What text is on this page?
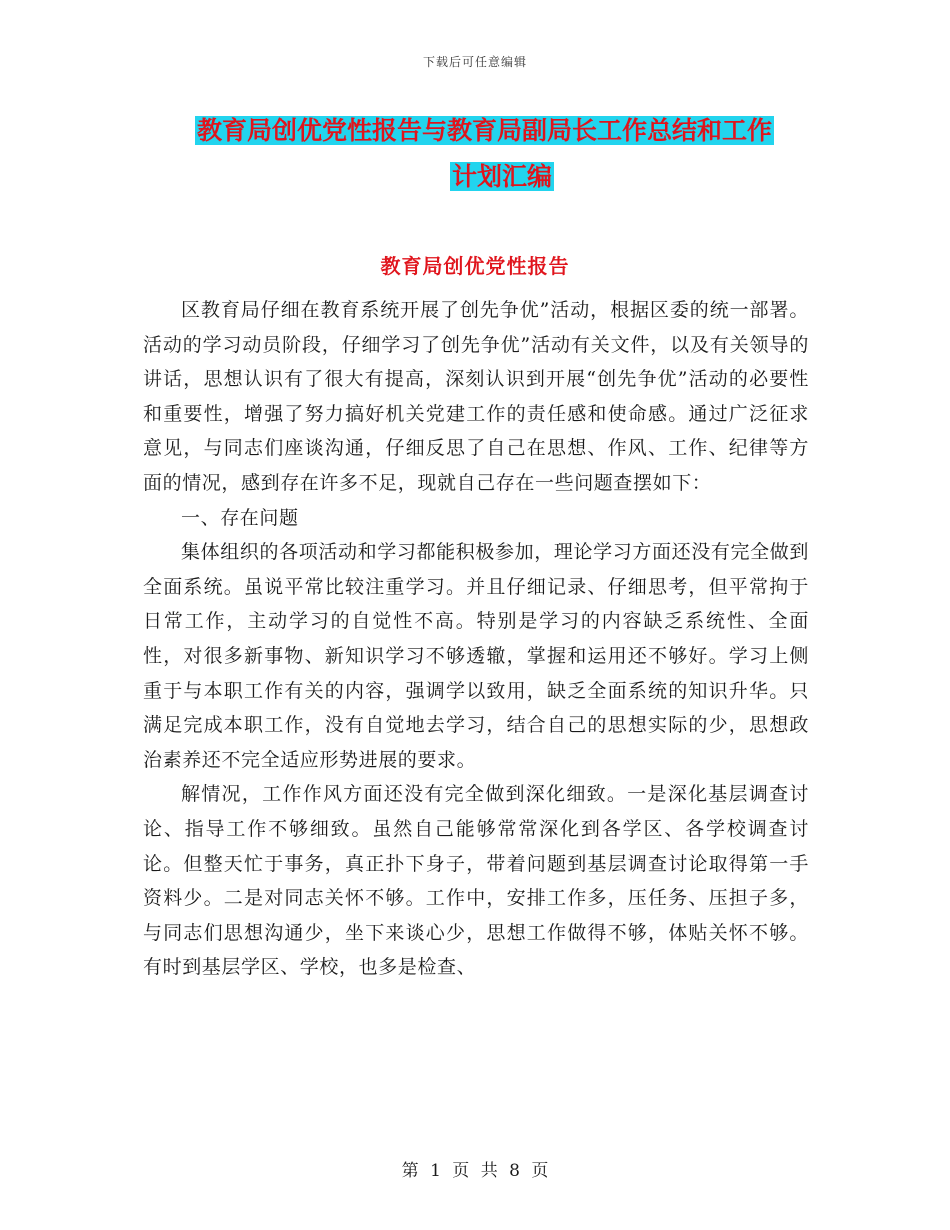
下载后可任意编辑
教育局创优党性报告与教育局副局长工作总结和工作
计划汇编
教育局创优党性报告

区教育局仔细在教育系统开展了创先争优”活动，根据区委的统一部署。活动的学习动员阶段，仔细学习了创先争优”活动有关文件，以及有关领导的讲话，思想认识有了很大有提高，深刻认识到开展“创先争优”活动的必要性和重要性，增强了努力搞好机关党建工作的责任感和使命感。通过广泛征求意见，与同志们座谈沟通，仔细反思了自己在思想、作风、工作、纪律等方面的情况，感到存在许多不足，现就自己存在一些问题查摆如下：

一、存在问题

集体组织的各项活动和学习都能积极参加，理论学习方面还没有完全做到全面系统。虽说平常比较注重学习。并且仔细记录、仔细思考，但平常拘于日常工作，主动学习的自觉性不高。特别是学习的内容缺乏系统性、全面性，对很多新事物、新知识学习不够透辙，掌握和运用还不够好。学习上侧重于与本职工作有关的内容，强调学以致用，缺乏全面系统的知识升华。只满足完成本职工作，没有自觉地去学习，结合自己的思想实际的少，思想政治素养还不完全适应形势进展的要求。

解情况，工作作风方面还没有完全做到深化细致。一是深化基层调查讨论、指导工作不够细致。虽然自己能够常常深化到各学区、各学校调查讨论。但整天忙于事务，真正扑下身子，带着问题到基层调查讨论取得第一手资料少。二是对同志关怀不够。工作中，安排工作多，压任务、压担子多，与同志们思想沟通少，坐下来谈心少，思想工作做得不够，体贴关怀不够。有时到基层学区、学校，也多是检查、

第 1 页 共 8 页
